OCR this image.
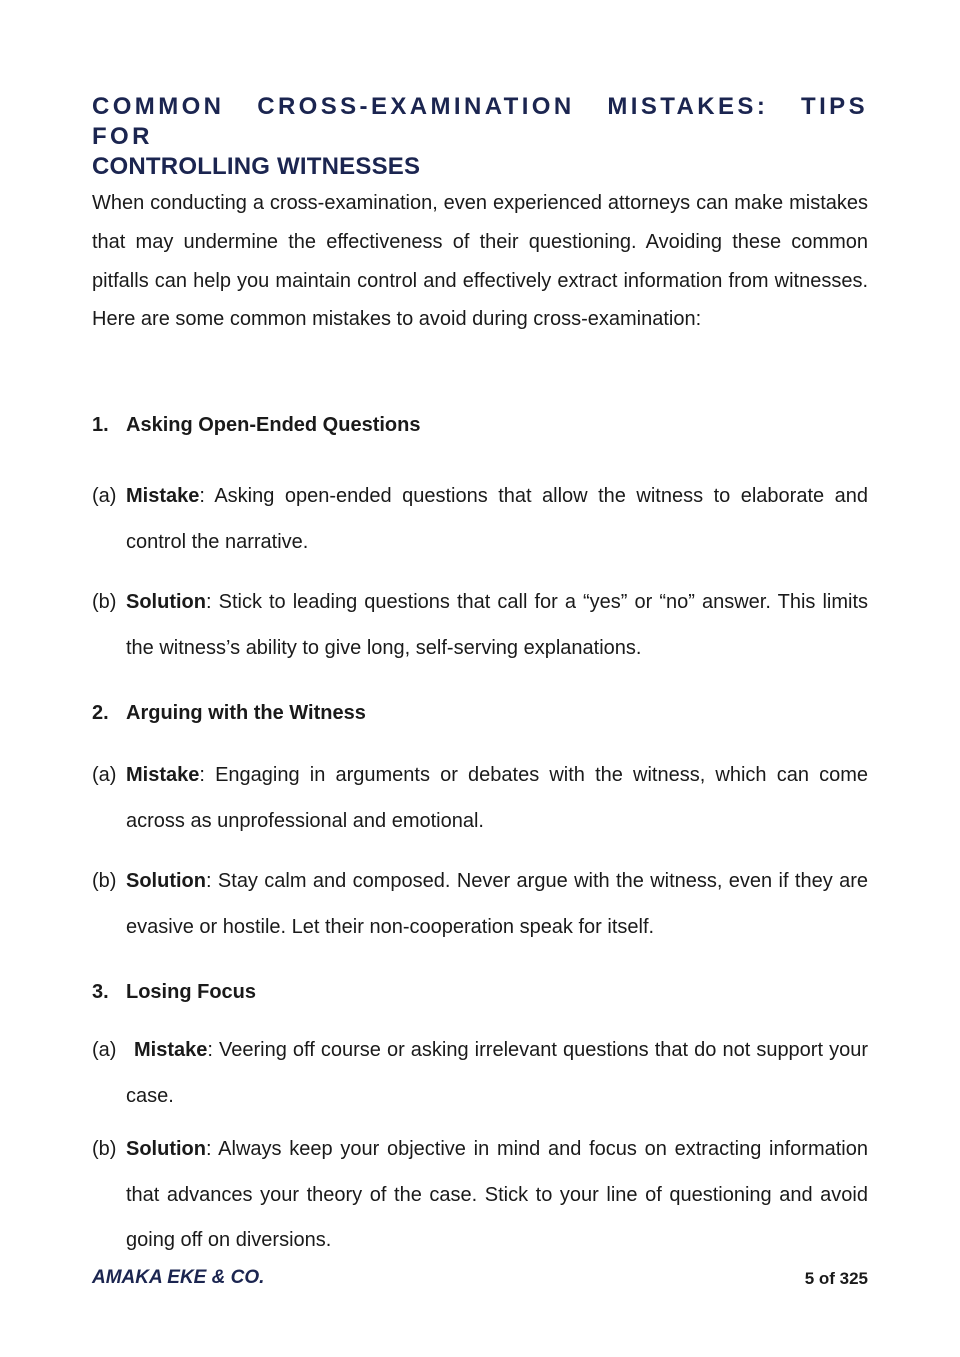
COMMON CROSS-EXAMINATION MISTAKES: TIPS FOR
CONTROLLING WITNESSES

When conducting a cross-examination, even experienced attorneys can make mistakes that may undermine the effectiveness of their questioning. Avoiding these common pitfalls can help you maintain control and effectively extract information from witnesses. Here are some common mistakes to avoid during cross-examination:

1. Asking Open-Ended Questions
(a) Mistake: Asking open-ended questions that allow the witness to elaborate and control the narrative.
(b) Solution: Stick to leading questions that call for a “yes” or “no” answer. This limits the witness’s ability to give long, self-serving explanations.
2. Arguing with the Witness
(a) Mistake: Engaging in arguments or debates with the witness, which can come across as unprofessional and emotional.
(b) Solution: Stay calm and composed. Never argue with the witness, even if they are evasive or hostile. Let their non-cooperation speak for itself.
3. Losing Focus
(a) Mistake: Veering off course or asking irrelevant questions that do not support your case.
(b) Solution: Always keep your objective in mind and focus on extracting information that advances your theory of the case. Stick to your line of questioning and avoid going off on diversions.
AMAKA EKE & CO.	5 of 325
